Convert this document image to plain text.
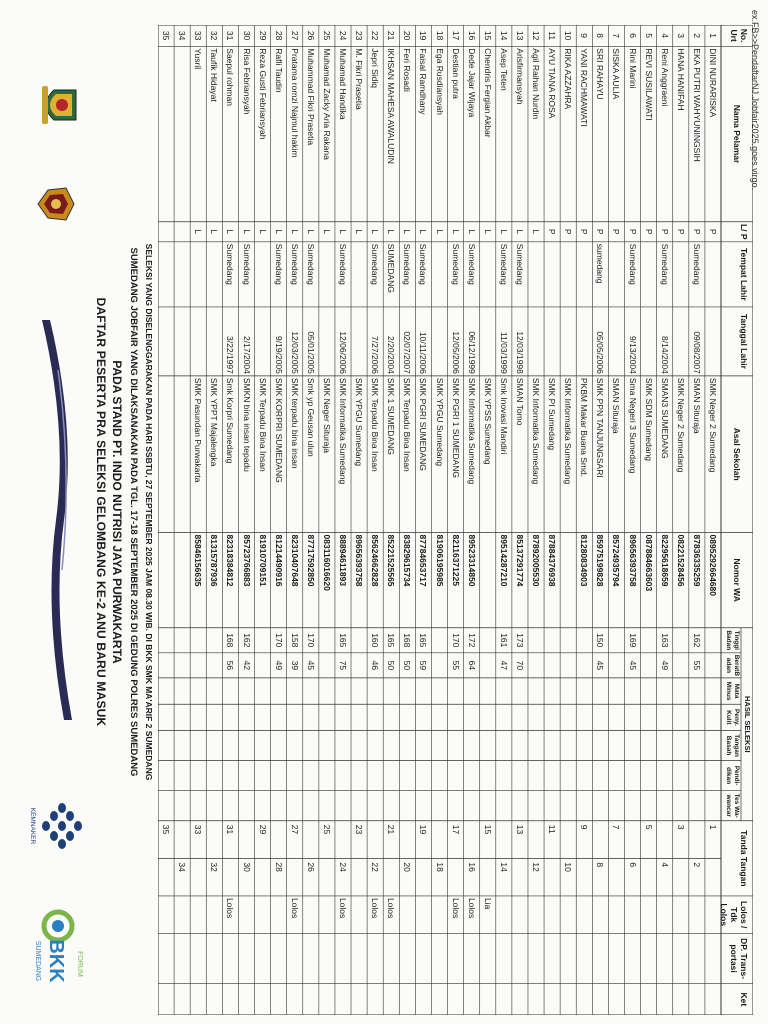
KEMNAKER
FORUM
BKK
SUMEDANG
DAFTAR PESERTA PRA SELEKSI GELOMBANG KE-2 ANU BARU MASUK PADA STAND PT. INDO NUTRISI JAYA PURWAKARTA SUMEDANG JOBFAIR YANG DILAKSANAKAN PADA TGL. 17-18 SEPTEMBER 2025 DI GEDUNG POLRES SUMEDANG SELEKSI YANG DISELENGGARAKAN PADA HARI SSBTU, 27 SEPTEMBER 2025 JAM 08.30 WIB. DI BKK SMK MA'ARIF 2 SUMEDANG
No. Urt
Nama Pelamar
L/ P
Tempat Lahir
Tanggal Lahir
Asal Sekolah
Nomor WA
Tinggi Badan
BeratB adan
Mata Minus
Peny. Kulit
Tangan Basah
Pendi- dikan
Tes Wa- wancar
Tanda Tangan
Lolos / Tdk Lolos
DP. Trans- portasi
Ket
HASIL SELEKSI
1
DINI NURARISKA
P
SMK Neger 2 Sumedang
0895292664680
1
2
EKA PUTRI WAHYUNINGSIH
P
Sumedang
09/08/2007
SMAN Situraja
87836335259
162
55
2
3
HANA HANIFAH
P
SMK Neger 2 Sumedang
08221528456
3
4
Reni Anggraeni
P
Sumedang
8/14/2004
SMAN3 SUMEDANG
82295618659
163
49
4
5
REVI SUSILAWATI
P
SMK SDM Sumedang
087884663603
5
6
Rini Marini
P
Sumedang
9/13/2004
Sma Negeri 3 Sumedang
89656393758
169
45
6
7
SISKA AULIA
P
SMAN Situraja
85724935794
7
8
SRI RAHAYU
P
sumedang
05/05/2006
SMK PPN TANJUNGSARI
85975199828
150
45
8
9
YANI RACHMAWATI
P
PKBM Makar Buana Smd.
81280834903
9
10
RIKA AZZAHRA
P
SMK Informatika Sumedang
10
11
AYU TIANA ROSA
P
SMK PI Sumedang
87884376938
11
12
Agil Raihan Nurdin
L
SMK Informatika Sumedang
87892005530
12
13
Arisfirmansyah
L
Sumedang
12/03/1998
SMAN Tomo
85137291774
173
70
13
14
Asep Teten
L
Sumedang
11/03/1999
Smk Inovasi Mandiri
89514287210
161
47
14
15
Chendris Fergian Akbar
L
SMK YPSS Sumedang
Lia
15
16
Dede Jajar Wijaya
L
Sumedang
06/12/1999
SMK Informatika Sumedang
89523314850
172
64
Lolos
16
17
Destian putra
L
Sumedang
12/05/2006
SMK PGRI 1 SUMEDANG
82116371225
170
55
Lolos
17
18
Ega Rusdiansyah
L
SMK YPGU Sumedang
81906195985
18
19
Faisal Ramdhany
L
Sumedang
10/11/2006
SMK PGRI SUMEDANG
87784653717
165
59
19
20
Feri Rosadi
L
Sumedang
02/07/2007
SMK Terpadu Bina Insan
83829615734
168
50
20
21
IKHSAN MAHESA AWALUDIN
L
SUMEDANG
2/20/2004
SMK 1 SUMEDANG
85221525565
165
50
Lolos
21
22
Jepri Sidiq
L
Sumedang
7/27/2006
SMK Terpadu Bina Insan
85624662828
160
46
Lolos
22
23
M. Fikri Prasetia
L
SMK YPGU Sumedang
89656393758
23
24
Muhamad Handika
L
Sumedang
12/06/2006
SMK Informatika Sumedang
88894611893
165
75
Lolos
24
25
Muhamad Zacky Aria Rakana
L
SMK Neger Situraja
083116016620
25
26
Muhammad Fikri Prasetia
L
Sumedang
05/01/2005
Smk yp Geusan ulun
87717592850
170
45
26
27
Pratama romzi Najmul hakim
L
Sumedang
12/03/2005
SMK terpadu bina insan
82310407648
158
39
Lolos
27
28
Rafli Taudin
L
Sumedang
9/19/2005
SMK KORPRI SUMEDANG
81214490916
170
49
28
29
Reza Gusti Febriansyah
L
SMK Terpadu Bina Insan
81910709151
29
30
Risa Febriansyah
L
Sumedang
2/17/2004
SMKN bina insan tepadu
85723766883
162
42
30
31
Saepul rohman
L
Sumedang
3/22/1997
Smk Korpri Sumedang
82318384812
168
56
Lolos
31
32
Taufik Hidayat
L
SMK YPPT Majalengka
81315787936
32
33
Yusril
L
SMK Pasundan Purwakarta
85846156635
33
34
34
35
35
ex.FB>>PendaftarNJ.Jobfair2025.goes.virgo.
